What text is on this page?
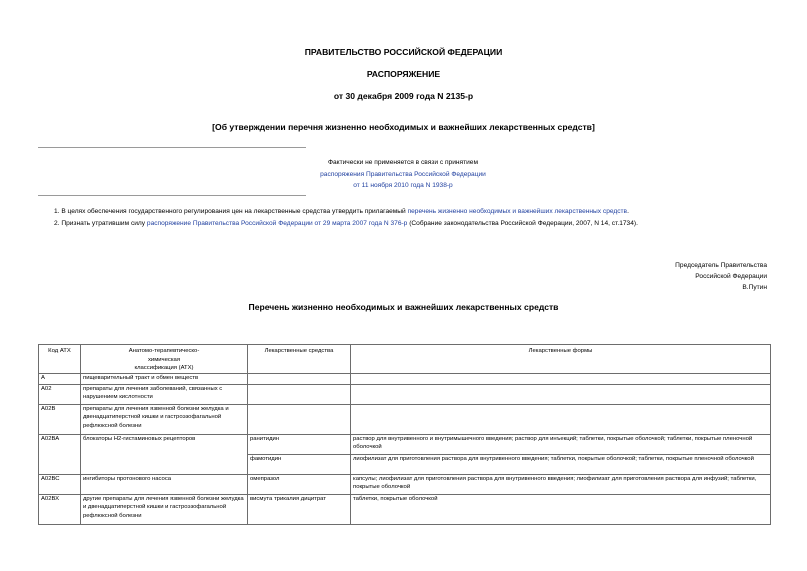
ПРАВИТЕЛЬСТВО РОССИЙСКОЙ ФЕДЕРАЦИИ
РАСПОРЯЖЕНИЕ
от 30 декабря 2009 года N 2135-р
[Об утверждении перечня жизненно необходимых и важнейших лекарственных средств]
Фактически не применяется в связи с принятием
распоряжения Правительства Российской Федерации
от 11 ноября 2010 года N 1938-р
1. В целях обеспечения государственного регулирования цен на лекарственные средства утвердить прилагаемый перечень жизненно необходимых и важнейших лекарственных средств.
2. Признать утратившим силу распоряжение Правительства Российской Федерации от 29 марта 2007 года N 376-р (Собрание законодательства Российской Федерации, 2007, N 14, ст.1734).
Председатель Правительства
Российской Федерации
В.Путин
Перечень жизненно необходимых и важнейших лекарственных средств
Код АТХ	Анатомо-терапевтическо-
химическая
классификация (АТХ)	Лекарственные средства	Лекарственные формы
А	пищеварительный тракт и обмен веществ		
А02	препараты для лечения заболеваний, связанных с нарушением кислотности		
А02В	препараты для лечения язвенной болезни желудка и двенадцатиперстной кишки и гастроэзофагальной рефлюксной болезни		
А02ВА	блокаторы Н2-гистаминовых рецепторов	ранитидин	раствор для внутривенного и внутримышечного введения; раствор для инъекций; таблетки, покрытые оболочкой; таблетки, покрытые пленочной оболочкой
		фамотидин	лиофилизат для приготовления раствора для внутривенного введения; таблетки, покрытые оболочкой; таблетки, покрытые пленочной оболочкой
А02ВС	ингибиторы протонового насоса	омепразол	капсулы; лиофилизат для приготовления раствора для внутривенного введения; лиофилизат для приготовления раствора для инфузий; таблетки, покрытые оболочкой
А02ВХ	другие препараты для лечения язвенной болезни желудка и двенадцатиперстной кишки и гастроэзофагальной рефлюксной болезни	висмута трикалия дицитрат	таблетки, покрытые оболочкой
